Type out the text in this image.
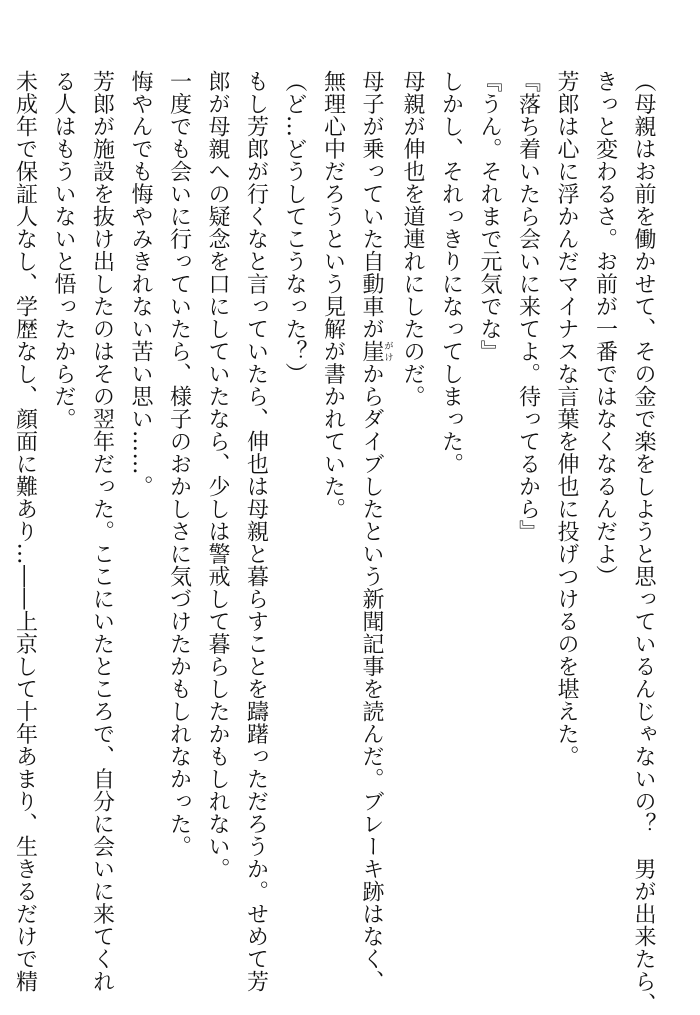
（母親はお前を働かせて、その金で楽をしようと思っているんじゃないの？　男が出来たら、
きっと変わるさ。お前が一番ではなくなるんだよ）
芳郎は心に浮かんだマイナスな言葉を伸也に投げつけるのを堪えた。
『落ち着いたら会いに来てよ。待ってるから』
『うん。それまで元気でな』
しかし、それっきりになってしまった。
母親が伸也を道連れにしたのだ。
母子が乗っていた自動車が崖がけからダイブしたという新聞記事を読んだ。ブレーキ跡はなく、
無理心中だろうという見解が書かれていた。
（ど…どうしてこうなった？）
もし芳郎が行くなと言っていたら、伸也は母親と暮らすことを躊躇っただろうか。せめて芳
郎が母親への疑念を口にしていたなら、少しは警戒して暮らしたかもしれない。
一度でも会いに行っていたら、様子のおかしさに気づけたかもしれなかった。
悔やんでも悔やみきれない苦い思い……。
芳郎が施設を抜け出したのはその翌年だった。ここにいたところで、自分に会いに来てくれ
る人はもういないと悟ったからだ。
未成年で保証人なし、学歴なし、顔面に難あり…――上京して十年あまり、生きるだけで精
